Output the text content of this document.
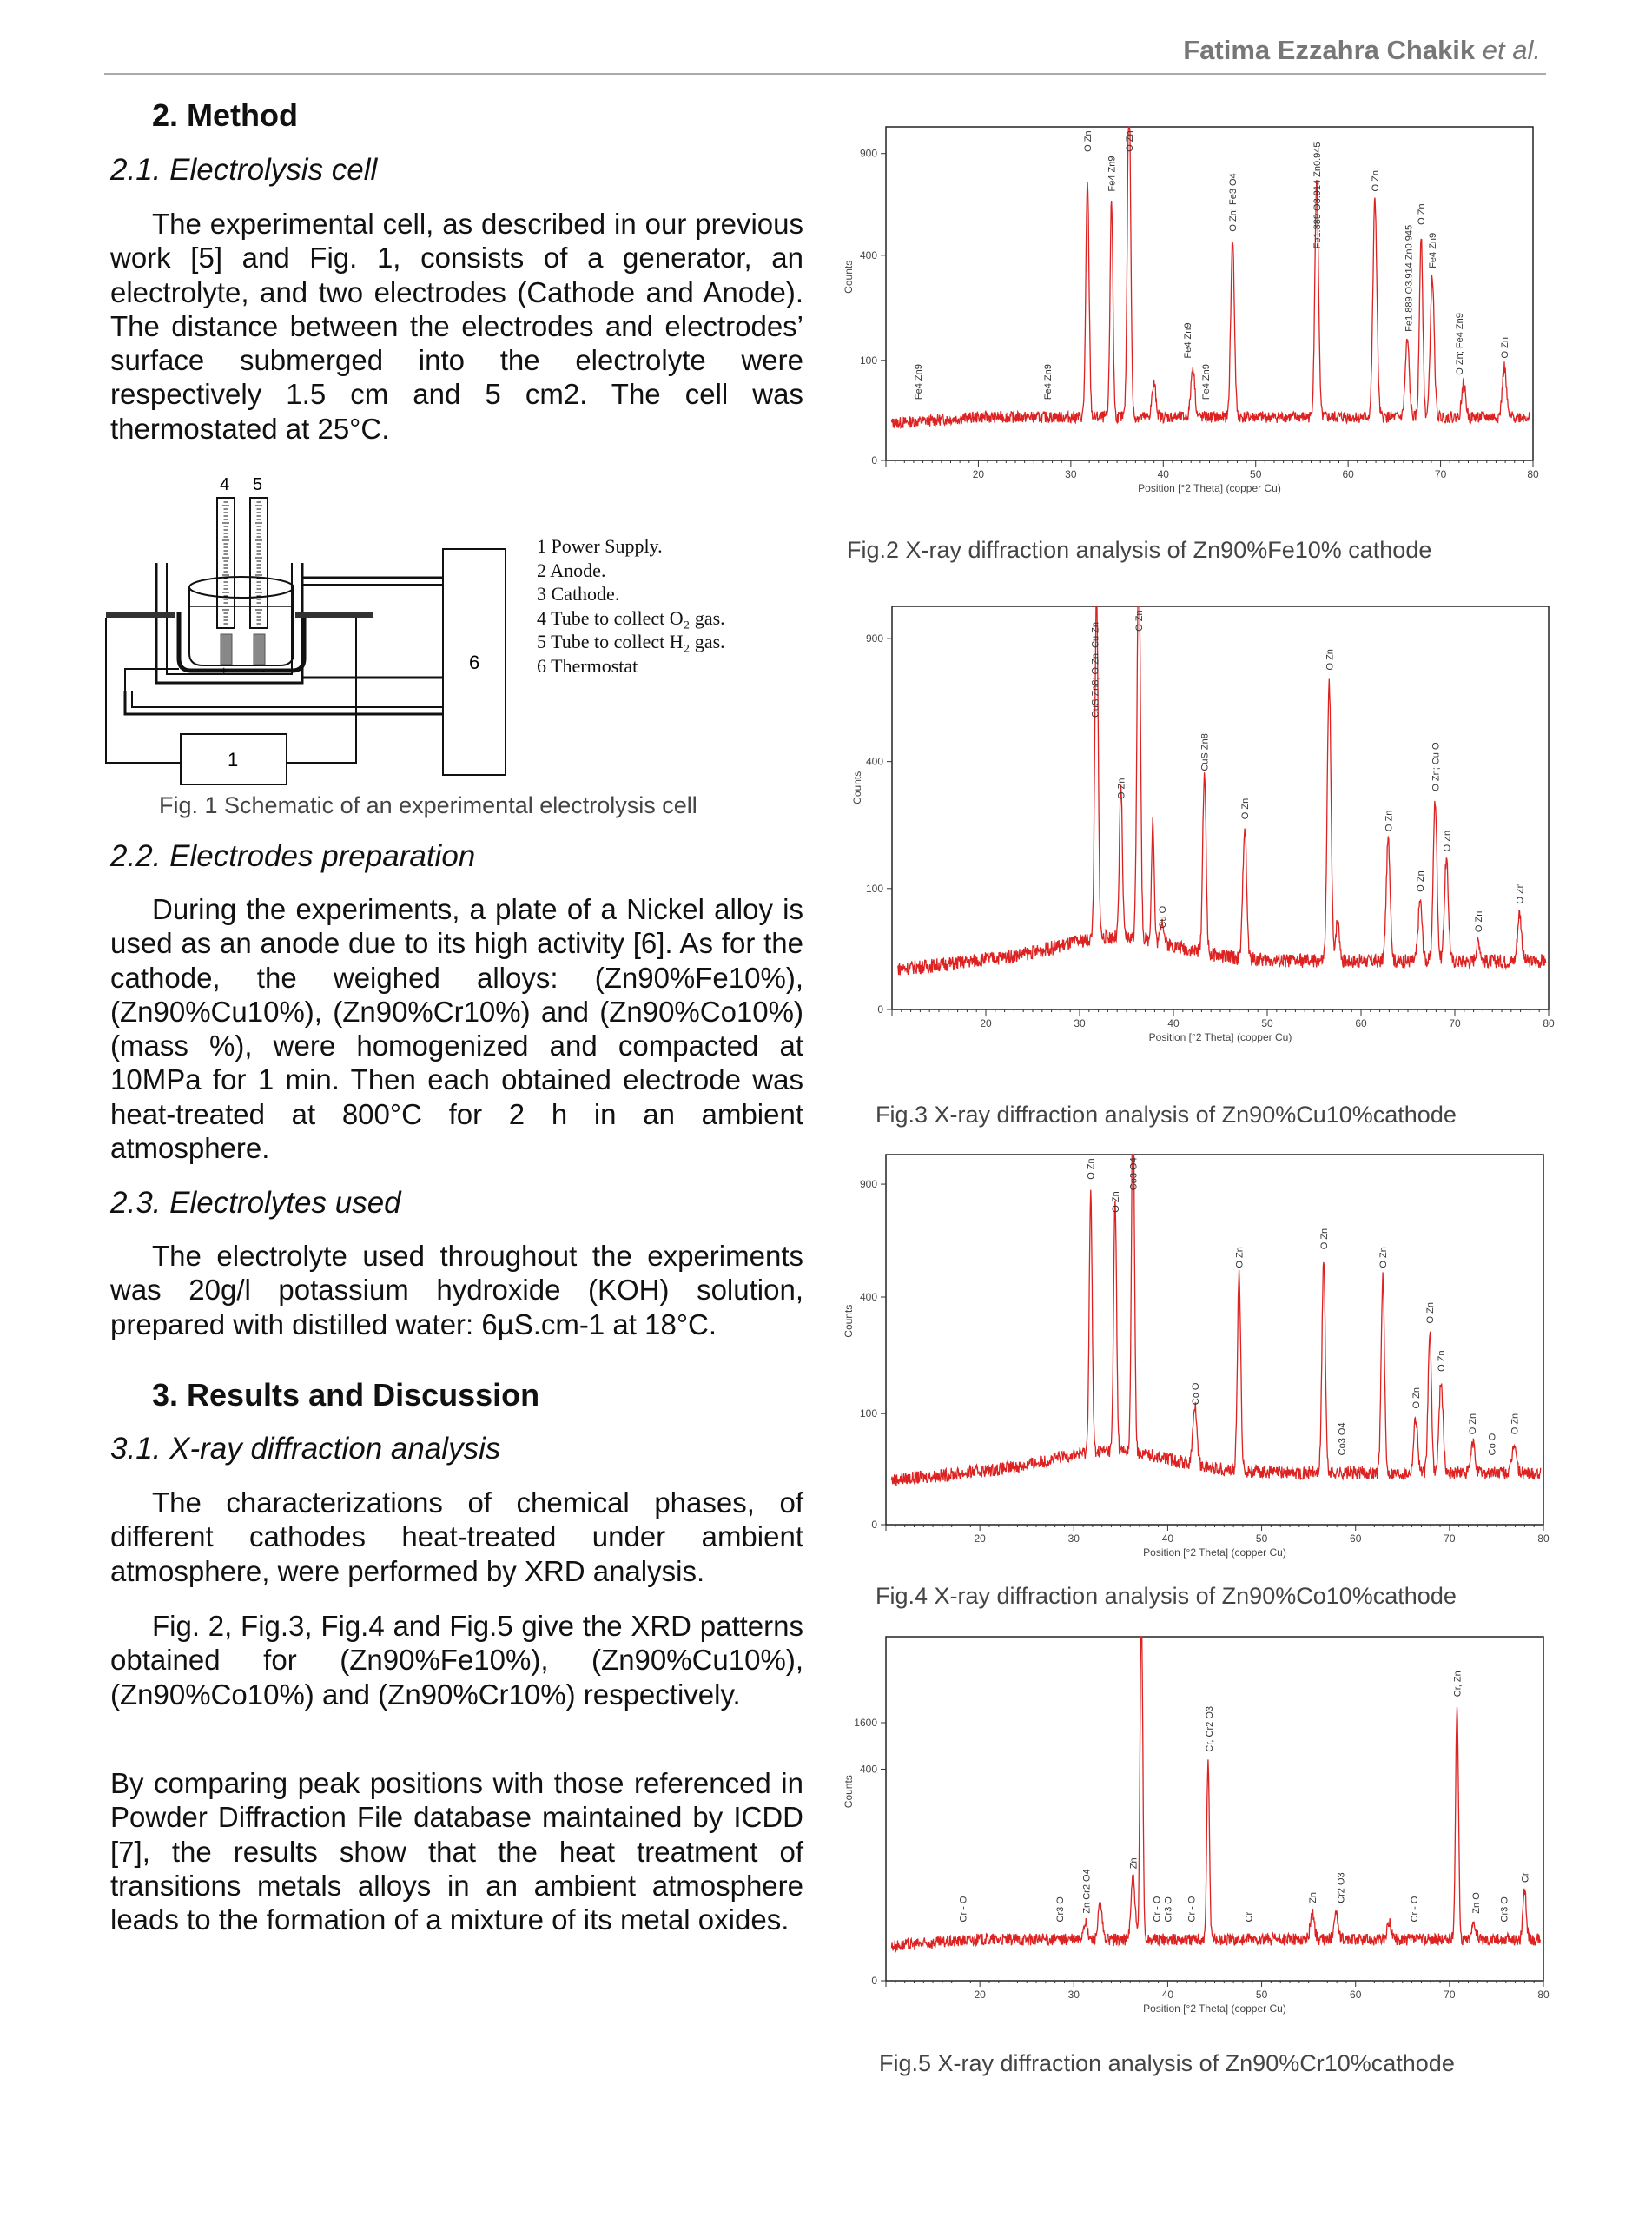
Fatima Ezzahra Chakik et al.
2. Method
2.1. Electrolysis cell
The experimental cell, as described in our previous work [5] and Fig. 1, consists of a generator, an electrolyte, and two electrodes (Cathode and Anode). The distance between the electrodes and electrodes’ surface submerged into the electrolyte were respectively 1.5 cm and 5 cm2. The cell was thermostated at 25°C.
4 5
+	-	6
1
1 Power Supply.
2 Anode.
3 Cathode.
4 Tube to collect O₂ gas.
5 Tube to collect H₂ gas.
6 Thermostat
Fig. 1 Schematic of an experimental electrolysis cell
2.2. Electrodes preparation
During the experiments, a plate of a Nickel alloy is used as an anode due to its high activity [6]. As for the cathode, the weighed alloys: (Zn90%Fe10%), (Zn90%Cu10%), (Zn90%Cr10%) and (Zn90%Co10%) (mass %), were homogenized and compacted at 10MPa for 1 min. Then each obtained electrode was heat-treated at 800°C for 2 h in an ambient atmosphere.
2.3. Electrolytes used
The electrolyte used throughout the experiments was 20g/l potassium hydroxide (KOH) solution, prepared with distilled water: 6µS.cm-1 at 18°C.
3. Results and Discussion
3.1. X-ray diffraction analysis
The characterizations of chemical phases, of different cathodes heat-treated under ambient atmosphere, were performed by XRD analysis.
Fig. 2, Fig.3, Fig.4 and Fig.5 give the XRD patterns obtained for (Zn90%Fe10%), (Zn90%Cu10%), (Zn90%Co10%) and (Zn90%Cr10%) respectively.
By comparing peak positions with those referenced in Powder Diffraction File database maintained by ICDD [7], the results show that the heat treatment of transitions metals alloys in an ambient atmosphere leads to the formation of a mixture of its metal oxides.
20	30	40	50	60	70	80
0
100
400
900
Position [°2 Theta] (copper Cu)
Counts
Fe4 Zn9	Fe4 Zn9
O Zn
Fe4 Zn9
O Zn
Fe4 Zn9
Fe4 Zn9
O Zn; Fe3 O4	Fe1.889 O3.914 Zn0.945	O Zn
Fe1.889 O3.914 Zn0.945
O Zn
Fe4 Zn9
O Zn; Fe4 Zn9	O Zn
Fig.2 X-ray diffraction analysis of Zn90%Fe10% cathode
20	30	40	50	60	70	80
0
100
400
900
Position [°2 Theta] (copper Cu)
Counts
CuS Zn8; O Zn; Cu Zn
O Zn
O Zn
Cu O
CuS Zn8
O Zn
O Zn
O Zn
O Zn
O Zn; Cu O
O Zn
O Zn
O Zn
Fig.3 X-ray diffraction analysis of Zn90%Cu10%cathode
20	30	40	50	60	70	80
0
100
400
900
Position [°2 Theta] (copper Cu)
Counts
O Zn
O Zn
Co3 O4
Co O
O Zn
O Zn
Co3 O4
O Zn
O Zn
O Zn
O Zn
O Zn
Co O
O Zn
Fig.4 X-ray diffraction analysis of Zn90%Co10%cathode
20	30	40	50	60	70	80
0
400
1600
Position [°2 Theta] (copper Cu)
Counts
Cr - O	Cr3 O Zn Cr2 O4
Zn
Cr - O Cr3 O Cr - O
Cr, Cr2 O3
Cr
Zn Cr2 O3
Cr - O
Cr, Zn
Zn O Cr3 O
Cr
Fig.5 X-ray diffraction analysis of Zn90%Cr10%cathode
